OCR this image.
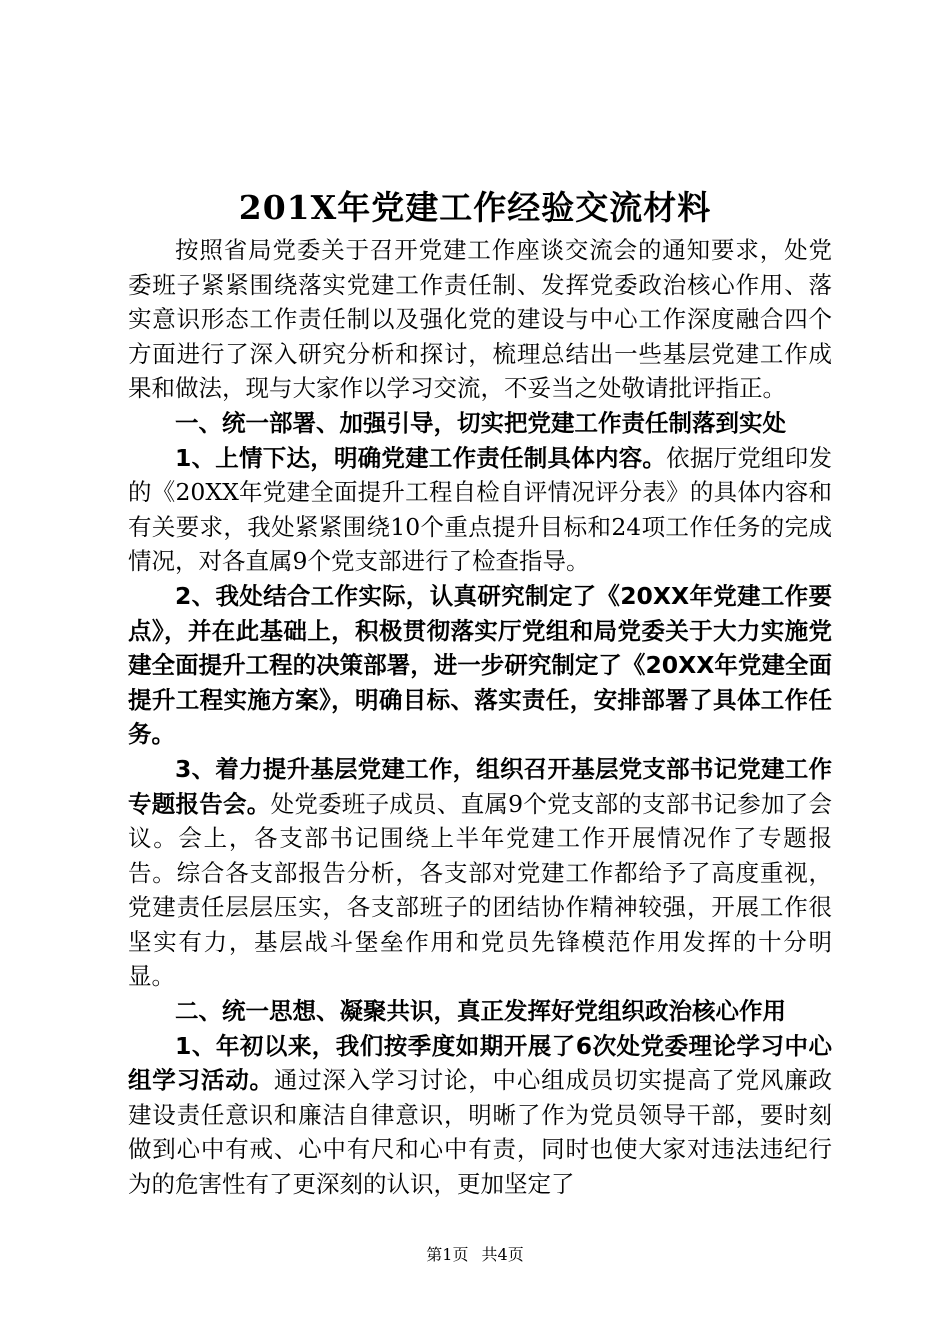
201X年党建工作经验交流材料

按照省局党委关于召开党建工作座谈交流会的通知要求，处党委班子紧紧围绕落实党建工作责任制、发挥党委政治核心作用、落实意识形态工作责任制以及强化党的建设与中心工作深度融合四个方面进行了深入研究分析和探讨，梳理总结出一些基层党建工作成果和做法，现与大家作以学习交流，不妥当之处敬请批评指正。

一、统一部署、加强引导，切实把党建工作责任制落到实处

1、上情下达，明确党建工作责任制具体内容。依据厅党组印发的《20XX年党建全面提升工程自检自评情况评分表》的具体内容和有关要求，我处紧紧围绕10个重点提升目标和24项工作任务的完成情况，对各直属9个党支部进行了检查指导。

2、我处结合工作实际，认真研究制定了《20XX年党建工作要点》，并在此基础上，积极贯彻落实厅党组和局党委关于大力实施党建全面提升工程的决策部署，进一步研究制定了《20XX年党建全面提升工程实施方案》，明确目标、落实责任，安排部署了具体工作任务。

3、着力提升基层党建工作，组织召开基层党支部书记党建工作专题报告会。处党委班子成员、直属9个党支部的支部书记参加了会议。会上，各支部书记围绕上半年党建工作开展情况作了专题报告。综合各支部报告分析，各支部对党建工作都给予了高度重视，党建责任层层压实，各支部班子的团结协作精神较强，开展工作很坚实有力，基层战斗堡垒作用和党员先锋模范作用发挥的十分明显。

二、统一思想、凝聚共识，真正发挥好党组织政治核心作用

1、年初以来，我们按季度如期开展了6次处党委理论学习中心组学习活动。通过深入学习讨论，中心组成员切实提高了党风廉政建设责任意识和廉洁自律意识，明晰了作为党员领导干部，要时刻做到心中有戒、心中有尺和心中有责，同时也使大家对违法违纪行为的危害性有了更深刻的认识，更加坚定了

第1页 共4页
